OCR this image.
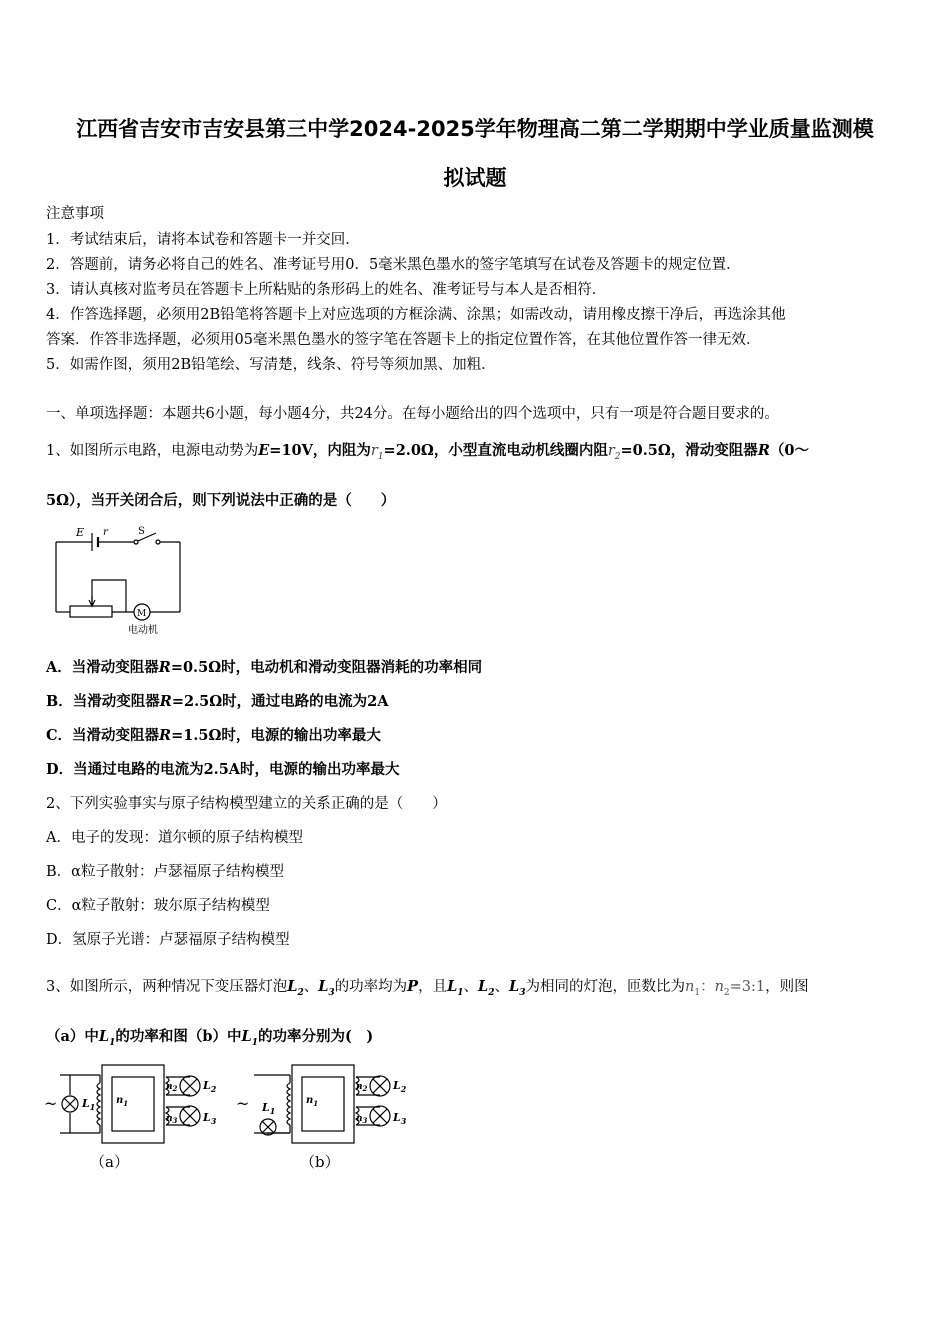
江西省吉安市吉安县第三中学2024-2025学年物理高二第二学期期中学业质量监测模
拟试题
注意事项
1．考试结束后，请将本试卷和答题卡一并交回．
2．答题前，请务必将自己的姓名、准考证号用0．5毫米黑色墨水的签字笔填写在试卷及答题卡的规定位置．
3．请认真核对监考员在答题卡上所粘贴的条形码上的姓名、准考证号与本人是否相符．
4．作答选择题，必须用2B铅笔将答题卡上对应选项的方框涂满、涂黑；如需改动，请用橡皮擦干净后，再选涂其他
答案．作答非选择题，必须用05毫米黑色墨水的签字笔在答题卡上的指定位置作答，在其他位置作答一律无效．
5．如需作图，须用2B铅笔绘、写清楚，线条、符号等须加黑、加粗．
一、单项选择题：本题共6小题，每小题4分，共24分。在每小题给出的四个选项中，只有一项是符合题目要求的。
1、如图所示电路，电源电动势为E=10V，内阻为$r_1=2.0\Omega$，小型直流电动机线圈内阻$r_2=0.5\Omega$，滑动变阻器R（0～
5Ω），当开关闭合后，则下列说法中正确的是（　　）
E r	S
M
电动机
A．当滑动变阻器R=0.5Ω时，电动机和滑动变阻器消耗的功率相同
B．当滑动变阻器R=2.5Ω时，通过电路的电流为2A
C．当滑动变阻器R=1.5Ω时，电源的输出功率最大
D．当通过电路的电流为2.5A时，电源的输出功率最大
2、下列实验事实与原子结构模型建立的关系正确的是（　　）
A．电子的发现：道尔顿的原子结构模型
B．α粒子散射：卢瑟福原子结构模型
C．α粒子散射：玻尔原子结构模型
D．氢原子光谱：卢瑟福原子结构模型
3、如图所示，两种情况下变压器灯泡$L_2$、$L_3$的功率均为P，且$L_1$、$L_2$、$L_3$为相同的灯泡，匝数比为$n_1$：$n_2=3:1$，则图
（a）中$L_1$的功率和图（b）中$L_1$的功率分别为(　)
~ $L_1$
$n_1$
$n_2$
$n_3$
$L_2$
$L_3$
（a）
~ $L_1$
$n_1$
$n_2$
$n_3$
$L_2$
$L_3$
（b）
